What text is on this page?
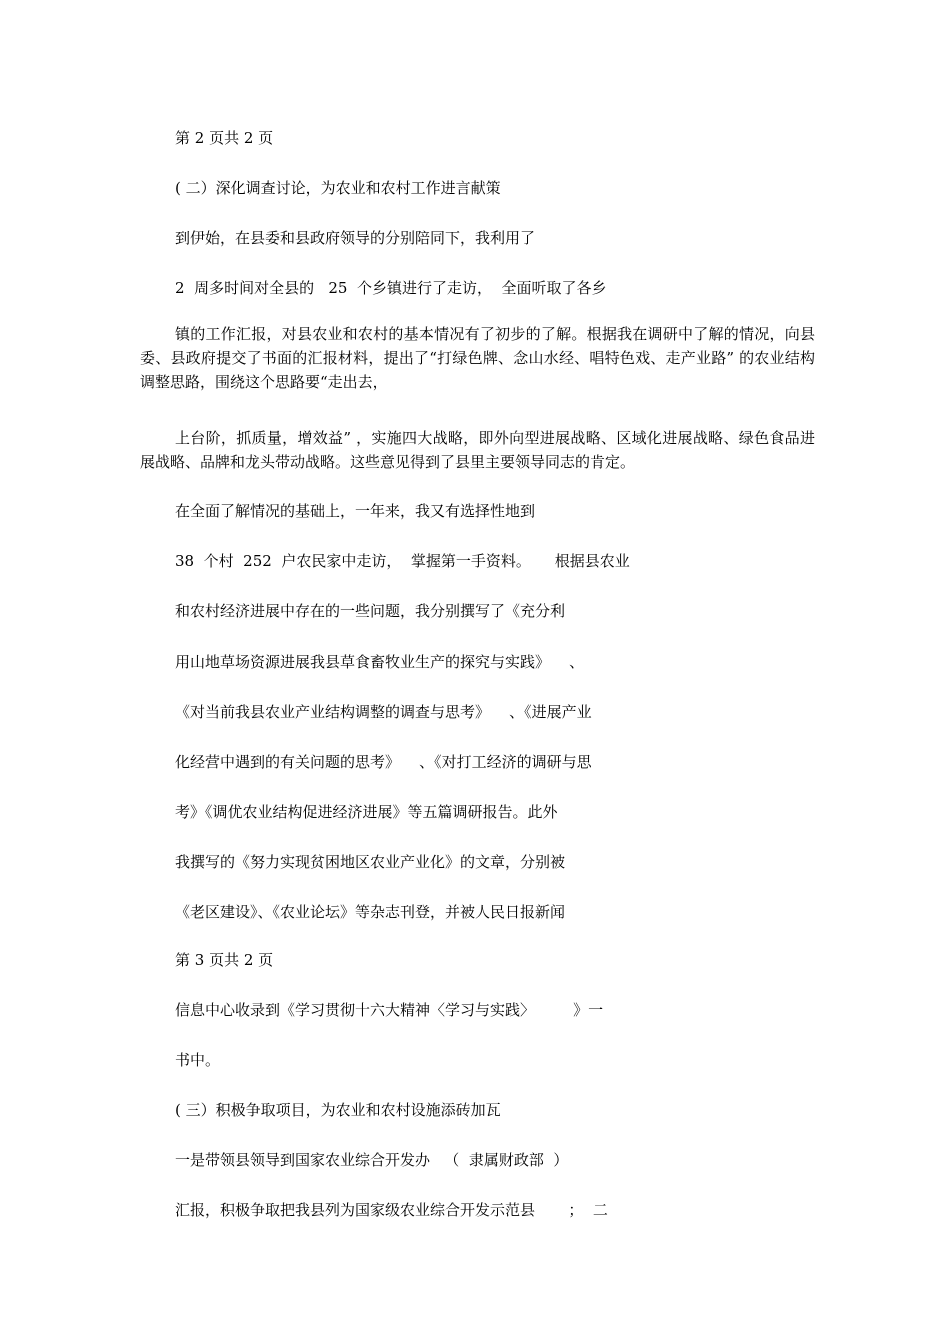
第 2 页共 2 页
( 二）深化调查讨论，为农业和农村工作进言献策
到伊始，在县委和县政府领导的分别陪同下，我利用了
2  周多时间对全县的   25  个乡镇进行了走访，  全面听取了各乡
镇的工作汇报，对县农业和农村的基本情况有了初步的了解。根据我在调研中了解的情况，向县委、县政府提交了书面的汇报材料，提出了“打绿色牌、念山水经、唱特色戏、走产业路” 的农业结构调整思路，围绕这个思路要“走出去，
上台阶，抓质量，增效益” ，实施四大战略，即外向型进展战略、区域化进展战略、绿色食品进展战略、品牌和龙头带动战略。这些意见得到了县里主要领导同志的肯定。
在全面了解情况的基础上，一年来，我又有选择性地到
38  个村  252  户农民家中走访，  掌握第一手资料。     根据县农业
和农村经济进展中存在的一些问题，我分别撰写了《充分利
用山地草场资源进展我县草食畜牧业生产的探究与实践》    、
《对当前我县农业产业结构调整的调查与思考》    、《进展产业
化经营中遇到的有关问题的思考》    、《对打工经济的调研与思
考》《调优农业结构促进经济进展》等五篇调研报告。此外
我撰写的《努力实现贫困地区农业产业化》的文章，分别被
《老区建设》、《农业论坛》等杂志刊登，并被人民日报新闻
第 3 页共 2 页
信息中心收录到《学习贯彻十六大精神〈学习与实践〉        》一
书中。
( 三）积极争取项目，为农业和农村设施添砖加瓦
一是带领县领导到国家农业综合开发办   （  隶属财政部  ）
汇报，积极争取把我县列为国家级农业综合开发示范县       ；  二
